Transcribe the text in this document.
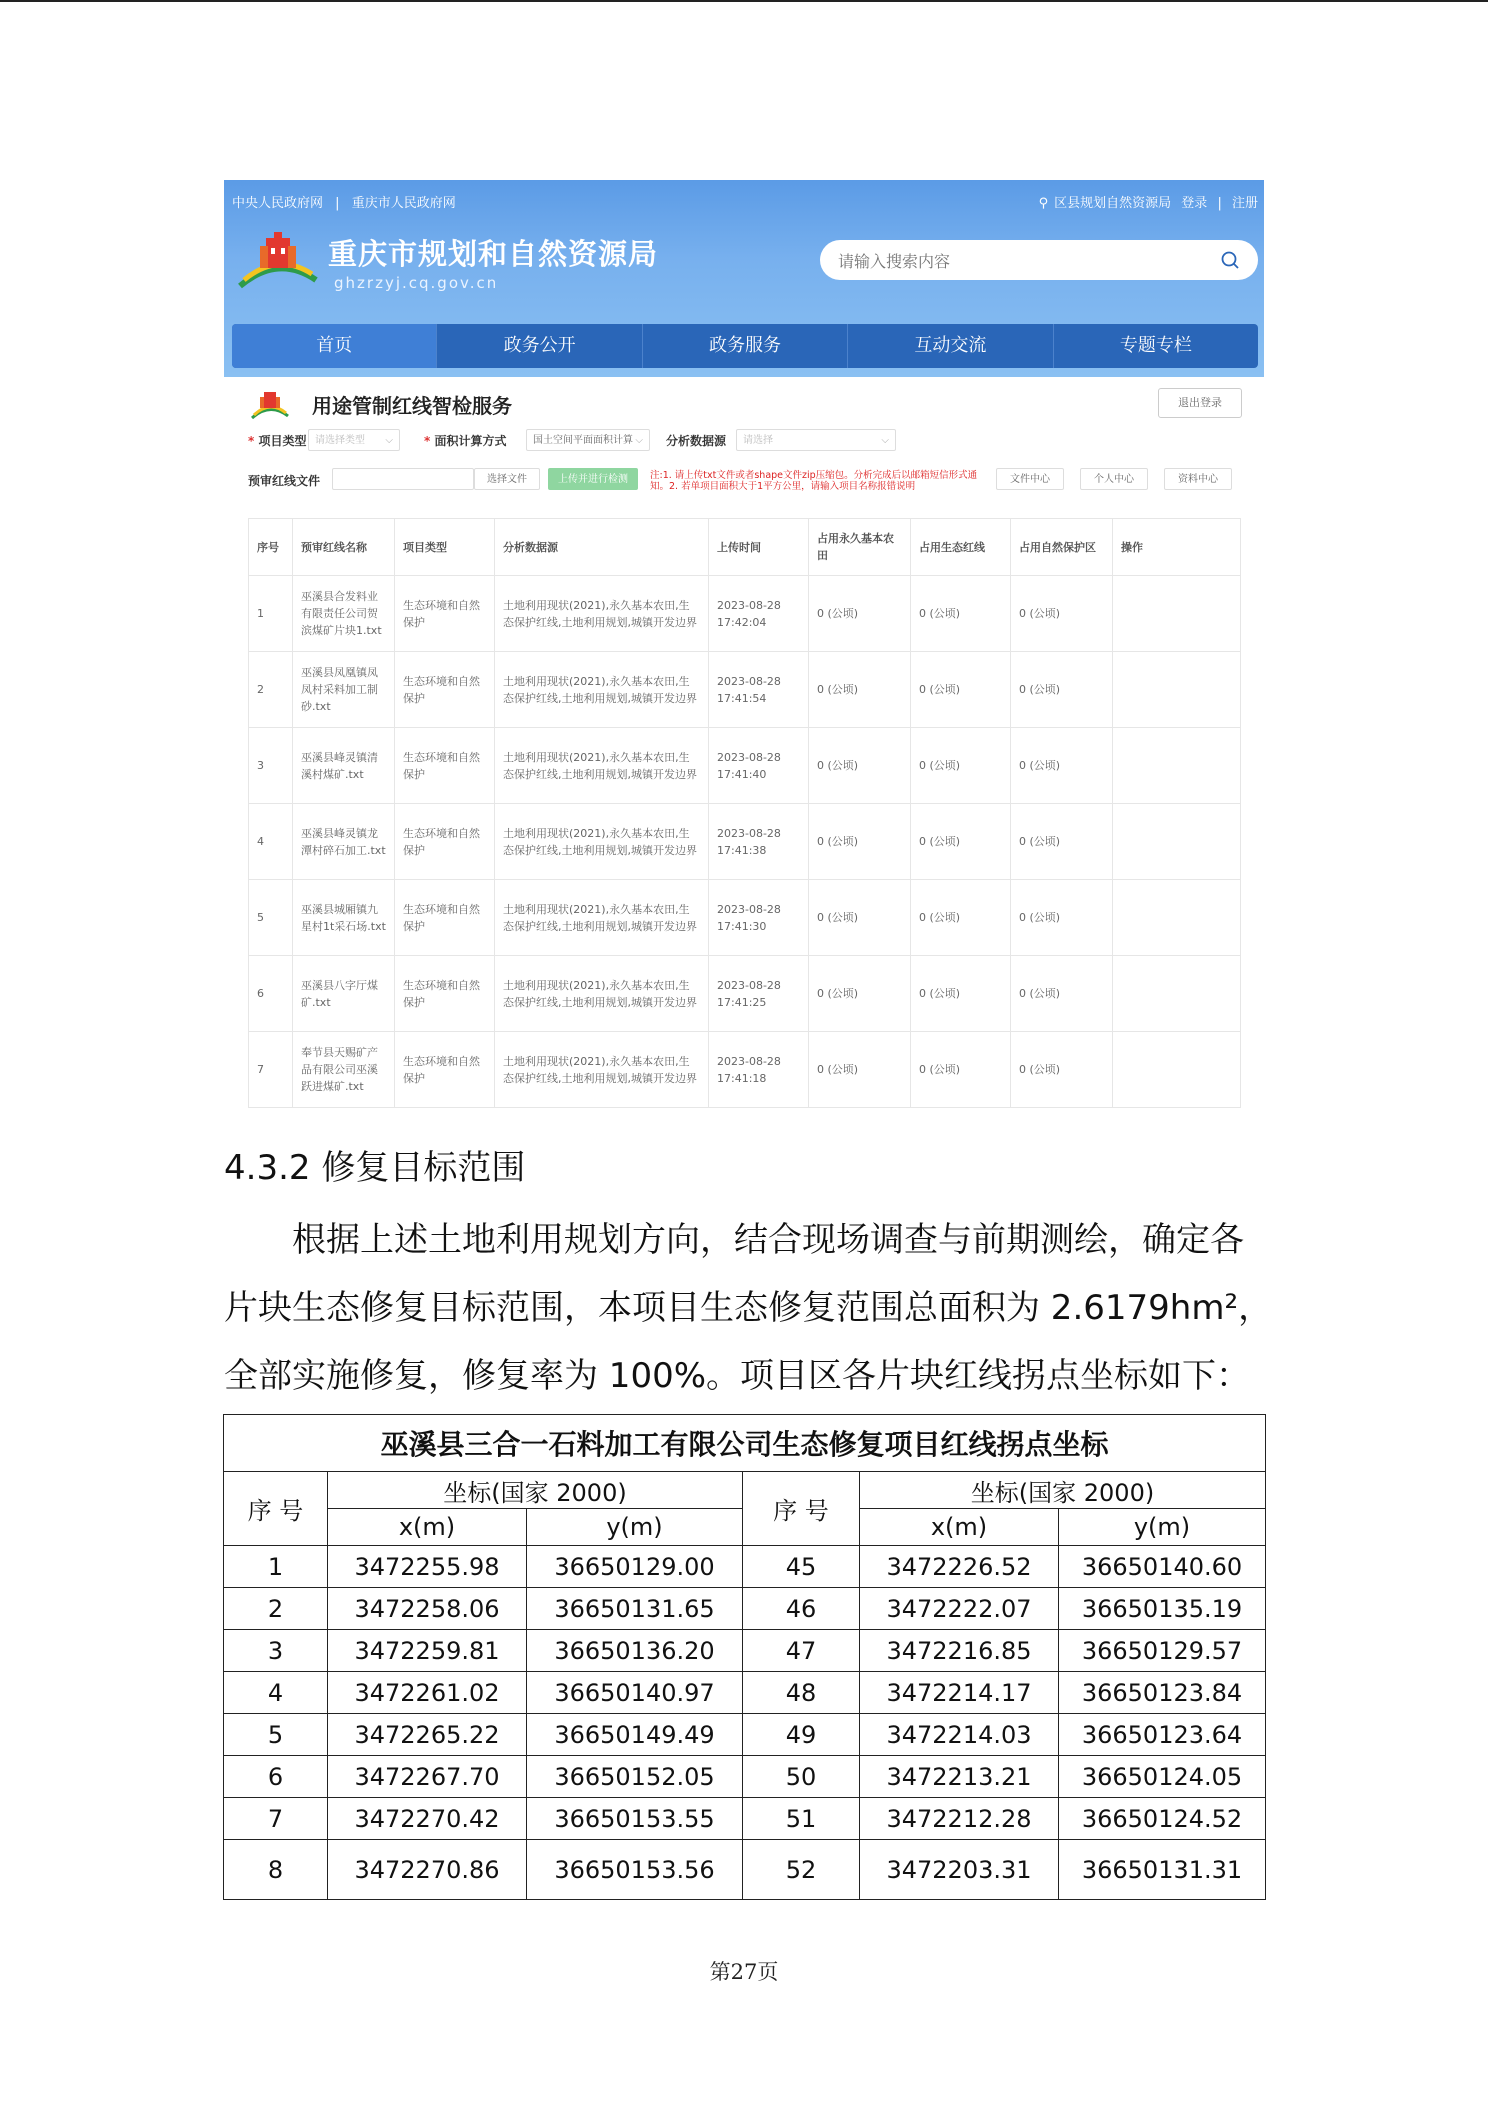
中央人民政府网 | 重庆市人民政府网	⚲ 区县规划自然资源局 登录 | 注册
重庆市规划和自然资源局
ghzrzyj.cq.gov.cn
请输入搜索内容
首页	政务公开	政务服务	互动交流	专题专栏
用途管制红线智检服务	退出登录
* 项目类型 请选择类型 ⌵	* 面积计算方式	国土空间平面面积计算 ⌵ 分析数据源	请选择	⌵
预审红线文件	选择文件	上传并进行检测	注:1. 请上传txt文件或者shape文件zip压缩包。分析完成后以邮箱短信形式通知。2. 若单项目面积大于1平方公里，请输入项目名称报错说明
文件中心	个人中心	资料中心
序号	预审红线名称	项目类型	分析数据源	上传时间	占用永久基本农田	占用生态红线	占用自然保护区	操作
1	巫溪县合发料业有限责任公司贺滨煤矿片块1.txt	生态环境和自然保护	土地利用现状(2021),永久基本农田,生态保护红线,土地利用规划,城镇开发边界	2023-08-28 17:42:04	0 (公顷)	0 (公顷)	0 (公顷)	
2	巫溪县凤凰镇凤凤村采料加工制砂.txt	生态环境和自然保护	土地利用现状(2021),永久基本农田,生态保护红线,土地利用规划,城镇开发边界	2023-08-28 17:41:54	0 (公顷)	0 (公顷)	0 (公顷)	
3	巫溪县峰灵镇清溪村煤矿.txt	生态环境和自然保护	土地利用现状(2021),永久基本农田,生态保护红线,土地利用规划,城镇开发边界	2023-08-28 17:41:40	0 (公顷)	0 (公顷)	0 (公顷)	
4	巫溪县峰灵镇龙潭村碎石加工.txt	生态环境和自然保护	土地利用现状(2021),永久基本农田,生态保护红线,土地利用规划,城镇开发边界	2023-08-28 17:41:38	0 (公顷)	0 (公顷)	0 (公顷)	
5	巫溪县城厢镇九星村1t采石场.txt	生态环境和自然保护	土地利用现状(2021),永久基本农田,生态保护红线,土地利用规划,城镇开发边界	2023-08-28 17:41:30	0 (公顷)	0 (公顷)	0 (公顷)	
6	巫溪县八字厅煤矿.txt	生态环境和自然保护	土地利用现状(2021),永久基本农田,生态保护红线,土地利用规划,城镇开发边界	2023-08-28 17:41:25	0 (公顷)	0 (公顷)	0 (公顷)	
7	奉节县天赐矿产品有限公司巫溪跃进煤矿.txt	生态环境和自然保护	土地利用现状(2021),永久基本农田,生态保护红线,土地利用规划,城镇开发边界	2023-08-28 17:41:18	0 (公顷)	0 (公顷)	0 (公顷)	
4.3.2 修复目标范围
　　根据上述土地利用规划方向，结合现场调查与前期测绘，确定各
片块生态修复目标范围，本项目生态修复范围总面积为 2.6179hm²，
全部实施修复，修复率为 100%。项目区各片块红线拐点坐标如下：
巫溪县三合一石料加工有限公司生态修复项目红线拐点坐标					
序 号	坐标(国家 2000)		序 号	坐标(国家 2000)	
	x(m)	y(m)		x(m)	y(m)
1	3472255.98	36650129.00	45	3472226.52	36650140.60
2	3472258.06	36650131.65	46	3472222.07	36650135.19
3	3472259.81	36650136.20	47	3472216.85	36650129.57
4	3472261.02	36650140.97	48	3472214.17	36650123.84
5	3472265.22	36650149.49	49	3472214.03	36650123.64
6	3472267.70	36650152.05	50	3472213.21	36650124.05
7	3472270.42	36650153.55	51	3472212.28	36650124.52
8	3472270.86	36650153.56	52	3472203.31	36650131.31
第27页
